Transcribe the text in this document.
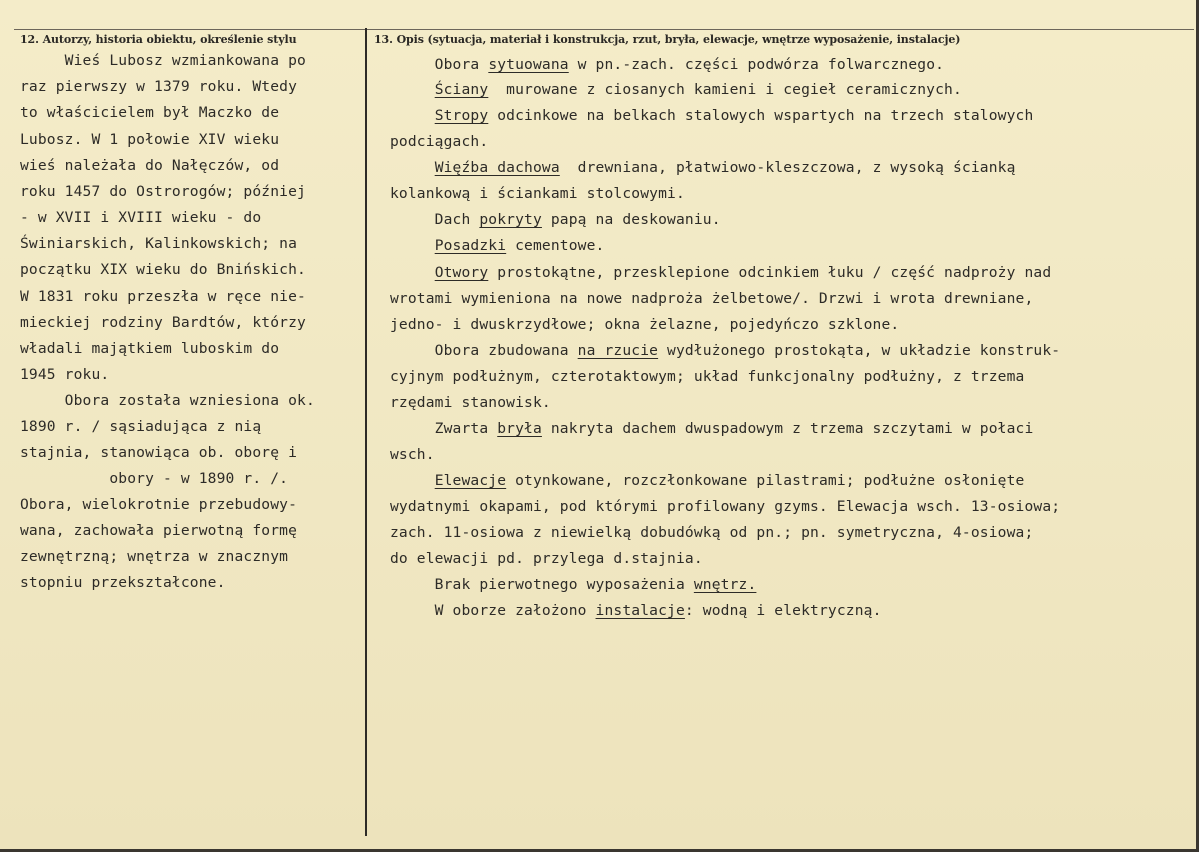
12. Autorzy, historia obiektu, określenie stylu	13. Opis (sytuacja, materiał i konstrukcja, rzut, bryła, elewacje, wnętrze wyposażenie, instalacje)
Wieś Lubosz wzmiankowana po
raz pierwszy w 1379 roku. Wtedy
to właścicielem był Maczko de
Lubosz. W 1 połowie XIV wieku
wieś należała do Nałęczów, od
roku 1457 do Ostrorogów; później
- w XVII i XVIII wieku - do
Świniarskich, Kalinkowskich; na
początku XIX wieku do Bnińskich.
W 1831 roku przeszła w ręce nie-
mieckiej rodziny Bardtów, którzy
władali majątkiem luboskim do
1945 roku.
Obora została wzniesiona ok.
1890 r. / sąsiadująca z nią
stajnia, stanowiąca ob. oborę i
obory - w 1890 r. /.
Obora, wielokrotnie przebudowy-
wana, zachowała pierwotną formę
zewnętrzną; wnętrza w znacznym
stopniu przekształcone.
Obora sytuowana w pn.-zach. części podwórza folwarcznego.
Ściany  murowane z ciosanych kamieni i cegieł ceramicznych.
Stropy odcinkowe na belkach stalowych wspartych na trzech stalowych
podciągach.
Więźba dachowa  drewniana, płatwiowo-kleszczowa, z wysoką ścianką
kolankową i ściankami stolcowymi.
Dach pokryty papą na deskowaniu.
Posadzki cementowe.
Otwory prostokątne, przesklepione odcinkiem łuku / część nadproży nad
wrotami wymieniona na nowe nadproża żelbetowe/. Drzwi i wrota drewniane,
jedno- i dwuskrzydłowe; okna żelazne, pojedyńczo szklone.
Obora zbudowana na rzucie wydłużonego prostokąta, w układzie konstruk-
cyjnym podłużnym, czterotaktowym; układ funkcjonalny podłużny, z trzema
rzędami stanowisk.
Zwarta bryła nakryta dachem dwuspadowym z trzema szczytami w połaci
wsch.
Elewacje otynkowane, rozczłonkowane pilastrami; podłużne osłonięte
wydatnymi okapami, pod którymi profilowany gzyms. Elewacja wsch. 13-osiowa;
zach. 11-osiowa z niewielką dobudówką od pn.; pn. symetryczna, 4-osiowa;
do elewacji pd. przylega d.stajnia.
Brak pierwotnego wyposażenia wnętrz.
W oborze założono instalacje: wodną i elektryczną.
